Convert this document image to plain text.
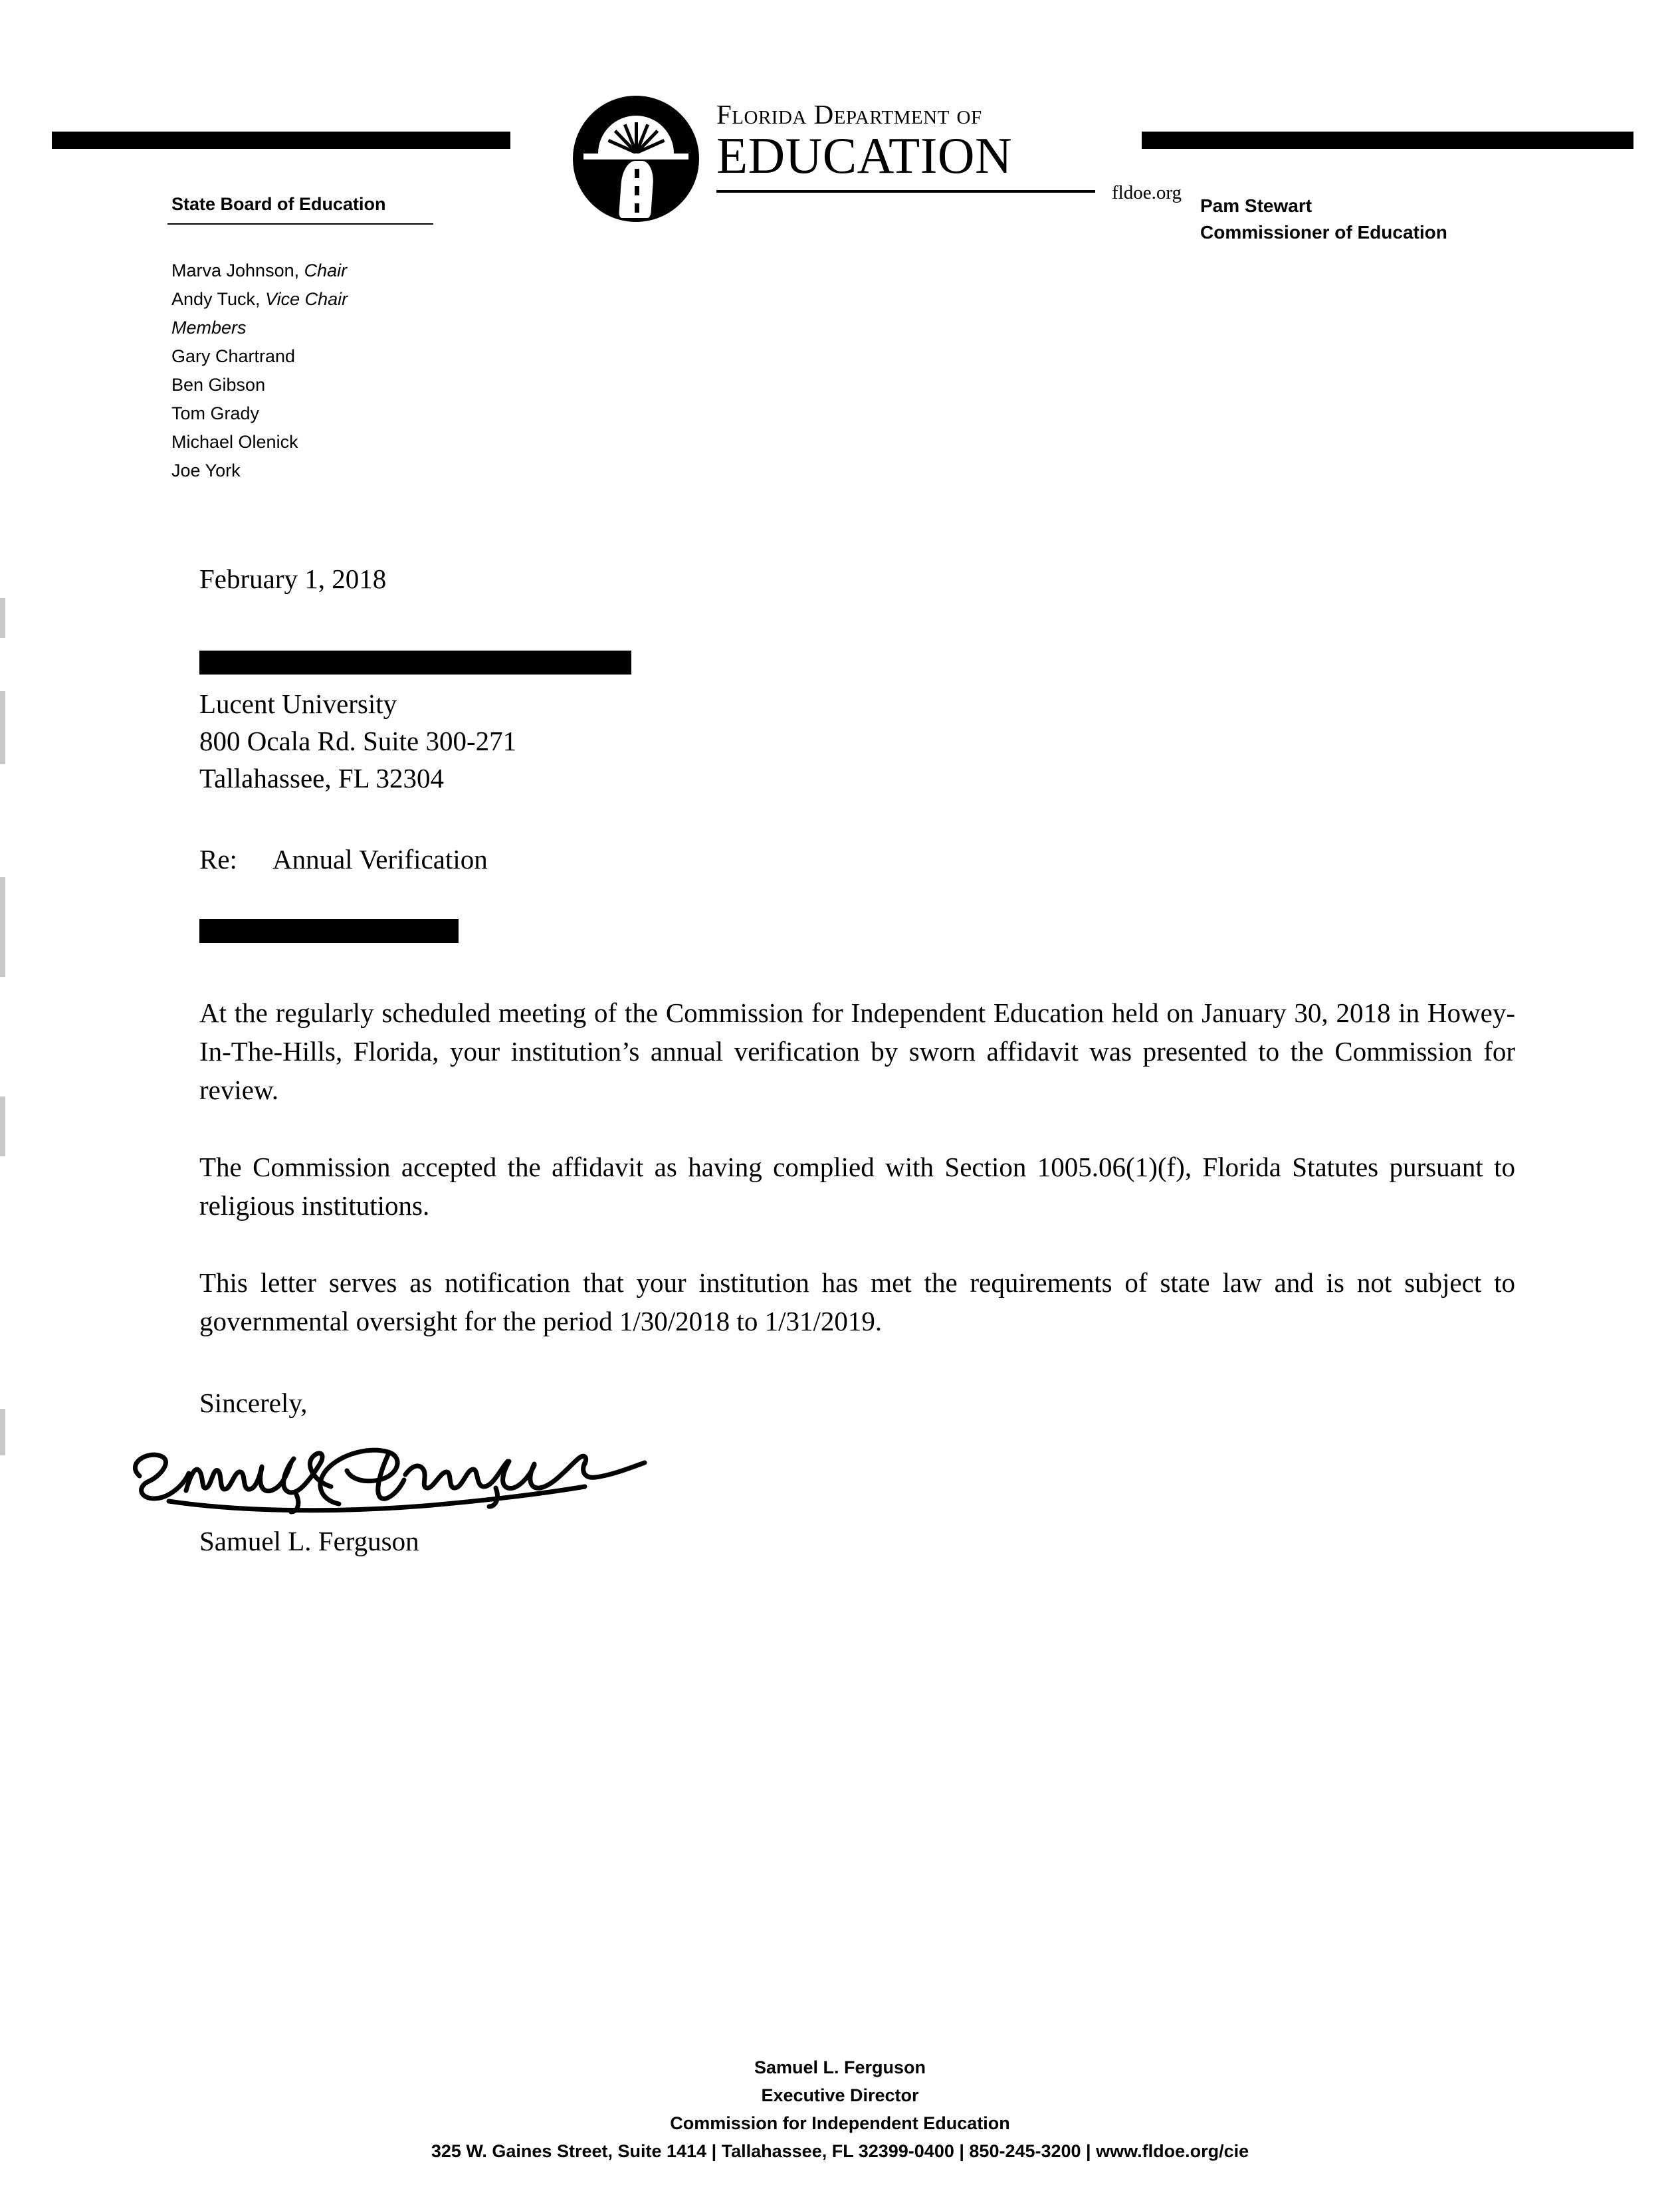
Florida Department of
EDUCATION
fldoe.org
State Board of Education
Marva Johnson, Chair
Andy Tuck, Vice Chair
Members
Gary Chartrand
Ben Gibson
Tom Grady
Michael Olenick
Joe York
Pam Stewart
Commissioner of Education
February 1, 2018
Lucent University
800 Ocala Rd. Suite 300-271
Tallahassee, FL 32304
Re: Annual Verification
At the regularly scheduled meeting of the Commission for Independent Education held on January 30, 2018 in Howey-In-The-Hills, Florida, your institution’s annual verification by sworn affidavit was presented to the Commission for review.
The Commission accepted the affidavit as having complied with Section 1005.06(1)(f), Florida Statutes pursuant to religious institutions.
This letter serves as notification that your institution has met the requirements of state law and is not subject to governmental oversight for the period 1/30/2018 to 1/31/2019.
Sincerely,
Samuel L. Ferguson
Samuel L. Ferguson
Executive Director
Commission for Independent Education
325 W. Gaines Street, Suite 1414 | Tallahassee, FL 32399-0400 | 850-245-3200 | www.fldoe.org/cie
